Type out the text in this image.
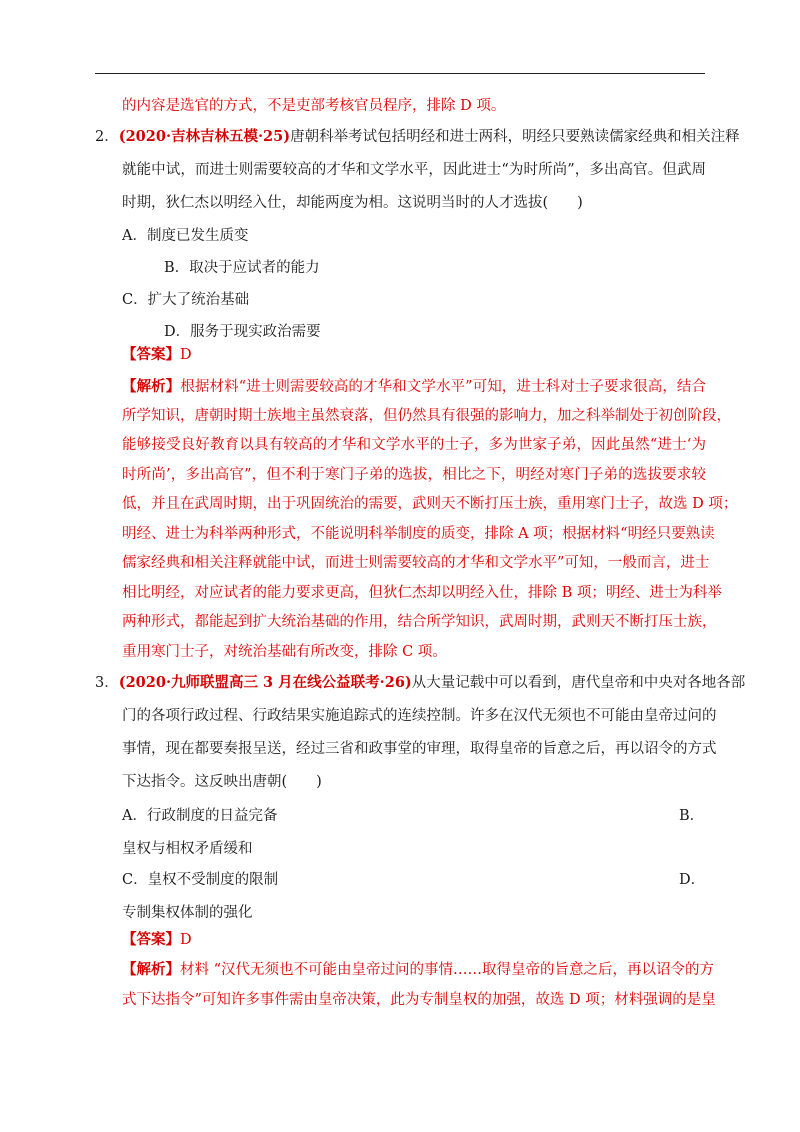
的内容是选官的方式，不是吏部考核官员程序，排除 D 项。
2．(2020·吉林吉林五模·25)唐朝科举考试包括明经和进士两科，明经只要熟读儒家经典和相关注释
就能中试，而进士则需要较高的才华和文学水平，因此进士“为时所尚”，多出高官。但武周
时期，狄仁杰以明经入仕，却能两度为相。这说明当时的人才选拔(　　)
A．制度已发生质变
B．取决于应试者的能力
C．扩大了统治基础
D．服务于现实政治需要
【答案】D
【解析】根据材料“进士则需要较高的才华和文学水平”可知，进士科对士子要求很高，结合
所学知识，唐朝时期士族地主虽然衰落，但仍然具有很强的影响力，加之科举制处于初创阶段，
能够接受良好教育以具有较高的才华和文学水平的士子，多为世家子弟，因此虽然“进士‘为
时所尚’，多出高官”，但不利于寒门子弟的选拔，相比之下，明经对寒门子弟的选拔要求较
低，并且在武周时期，出于巩固统治的需要，武则天不断打压士族，重用寒门士子，故选 D 项；
明经、进士为科举两种形式，不能说明科举制度的质变，排除 A 项；根据材料“明经只要熟读
儒家经典和相关注释就能中试，而进士则需要较高的才华和文学水平”可知，一般而言，进士
相比明经，对应试者的能力要求更高，但狄仁杰却以明经入仕，排除 B 项；明经、进士为科举
两种形式，都能起到扩大统治基础的作用，结合所学知识，武周时期，武则天不断打压士族，
重用寒门士子，对统治基础有所改变，排除 C 项。
3．(2020·九师联盟高三 3 月在线公益联考·26)从大量记载中可以看到，唐代皇帝和中央对各地各部
门的各项行政过程、行政结果实施追踪式的连续控制。许多在汉代无须也不可能由皇帝过问的
事情，现在都要奏报呈送，经过三省和政事堂的审理，取得皇帝的旨意之后，再以诏令的方式
下达指令。这反映出唐朝(　　)
A．行政制度的日益完备	B．
皇权与相权矛盾缓和
C．皇权不受制度的限制	D．
专制集权体制的强化
【答案】D
【解析】材料 “汉代无须也不可能由皇帝过问的事情……取得皇帝的旨意之后，再以诏令的方
式下达指令”可知许多事件需由皇帝决策，此为专制皇权的加强，故选 D 项；材料强调的是皇
